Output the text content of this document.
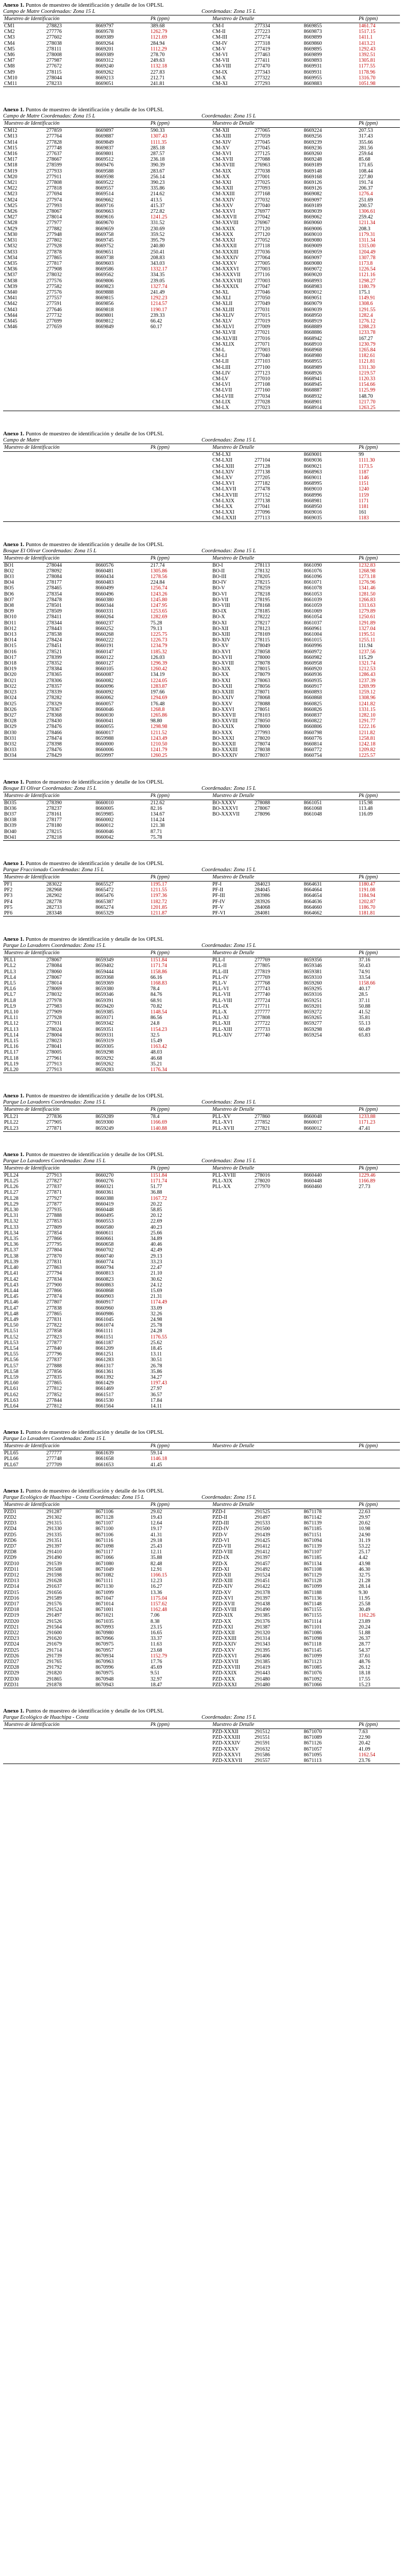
Anexo 1. Puntos de muestreo de identificación y detalle de los OPLSL
Campo de Matre Coordenadas: Zona 15 L	Coordenadas: Zona 15 L
Muestreo de Identificación			Pk (ppm)		Muestreo de Detalle			Pk (ppm)
CM1	278823	8669797	389.68		CM-I	277334	8669855	1461.74
CM2	277776	8669578	1262.79		CM-II	277223	8669873	1517.15
CM3	277602	8669389	1121.69		CM-III	277274	8669899	1411.1
CM4	278038	8669264	284.94		CM-IV	277318	8669860	1413.21
CM5	278111	8669201	1112.29		CM-V	277419	8669895	1292.43
CM6	278008	8669389	278.70		CM-VI	277463	8669899	1392.51
CM7	277987	8669312	249.63		CM-VII	277411	8669893	1305.81
CM8	277672	8669240	1132.18		CM-VIII	277470	8669931	1177.55
CM9	278115	8669262	227.83		CM-IX	277343	8669931	1178.96
CM10	278044	8669213	212.71		CM-X	277322	8669955	1316.70
CM11	278233	8669051	241.81		CM-XI	277293	8669883	1051.98
Anexo 1. Puntos de muestreo de identificación y detalle de los OPLSL
Campo de Matre Coordenadas: Zona 15 L	Coordenadas: Zona 15 L
Muestreo de Identificación			Pk (ppm)		Muestreo de Detalle			Pk (ppm)
CM12	277859	8669897	590.33		CM-XII	277065	8669224	207.53
CM13	277764	8669887	1307.43		CM-XIII	277059	8669256	317.43
CM14	277828	8669849	1111.35		CM-XIV	277045	8669239	355.66
CM15	277748	8669837	285.18		CM-XV	277045	8669236	281.56
CM16	277637	8669801	287.57		CM-XVI	277125	8669260	259.64
CM17	278667	8669512	236.18		CM-XVII	277088	8669248	85.68
CM18	278599	8669476	390.39		CM-XVIII	276963	8669189	171.65
CM19	277933	8669588	283.67		CM-XIX	277038	8669148	108.44
CM20	277911	8669598	256.14		CM-XX	277001	8669168	227.80
CM21	277808	8669522	390.23		CM-XXI	277025	8669126	191.74
CM22	277818	8669557	335.86		CM-XXII	277093	8669126	206.37
CM23	277694	8669514	214.62		CM-XXIII	277168	8669082	1276.4
CM24	277974	8669662	413.5		CM-XXIV	277032	8669097	251.69
CM25	277993	8669716	415.37		CM-XXV	277040	8669189	200.57
CM26	278067	8669663	272.82		CM-XXVI	276977	8669039	1306.61
CM27	278014	8669616	1241.25		CM-XXVII	277042	8669062	259.42
CM28	277977	8669670	331.52		CM-XXVIII	276967	8669060	1211.34
CM29	277882	8669659	230.69		CM-XXIX	277120	8669006	208.3
CM30	277948	8669758	359.52		CM-XXX	277120	8669010	1179.31
CM31	277802	8669745	395.79		CM-XXXI	277052	8669080	1311.34
CM32	277928	8669752	240.80		CM-XXXII	277118	8669009	1315.00
CM33	277878	8669651	250.41		CM-XXXIII	277036	8669059	1204.49
CM34	277865	8669738	208.83		CM-XXXIV	277064	8669097	1307.78
CM35	277817	8669603	343.03		CM-XXXV	277005	8669080	1173.8
CM36	277908	8669586	1332.17		CM-XXXVI	277003	8669072	1226.54
CM37	278032	8669562	334.35		CM-XXXVII	277116	8669020	1121.16
CM38	277576	8669806	239.05		CM-XXXVIII	277003	8668993	1298.27
CM39	277582	8669823	1327.74		CM-XXXIX	277047	8668983	1180.79
CM40	277576	8669888	241.49		CM-XL	277046	8669012	175.1
CM41	277557	8669815	1292.23		CM-XLI	277050	8669051	1149.91
CM42	277591	8669856	1214.57		CM-XLII	277049	8669079	1308.6
CM43	277646	8669818	1190.17		CM-XLIII	277031	8669039	1291.55
CM44	277732	8669801	239.33		CM-XLIV	277015	8668950	1282.4
CM45	277699	8669812	66.42		CM-XLV	277019	8668919	1276.12
CM46	277659	8669849	60.17		CM-XLVI	277009	8668889	1288.23
					CM-XLVII	277021	8668886	1233.78
					CM-XLVIII	277016	8668942	167.27
					CM-XLIX	277071	8668910	1230.79
					CM-L	277003	8668968	1265.84
					CM-LI	277040	8668980	1182.61
					CM-LII	277103	8668955	1121.81
					CM-LIII	277100	8668989	1311.30
					CM-LIV	277123	8668926	1219.57
					CM-LV	277010	8668941	1120.33
					CM-LVI	277108	8668945	1154.66
					CM-LVII	277160	8668887	1125.99
					CM-LVIII	277034	8668932	148.70
					CM-LIX	277028	8668901	1217.70
					CM-LX	277023	8668914	1263.25
Anexo 1. Puntos de muestreo de identificación y detalle de los OPLSL
Campo de Matre	Coordenadas: Zona 15 L
Muestreo de Identificación			Pk (ppm)		Muestreo de Detalle			Pk (ppm)
					CM-LXI		8669001	99
					CM-LXII	277104	8669036	1111.30
					CM-LXIII	277128	8669021	1173.5
					CM-LXIV	277138	8668963	1187
					CM-LXV	277205	8669011	1146
					CM-LXVI	277182	8668995	1151
					CM-LXVII	277478	8669010	1240
					CM-LXVIII	277152	8668996	1159
					CM-LXIX	277138	8668981	1171
					CM-LXX	277041	8668950	1181
					CM-LXXI	277096	8669016	161
					CM-LXXII	277113	8669035	1183
Anexo 1. Puntos de muestreo de identificación y detalle de los OPLSL
Bosque El Olivar Coordenadas: Zona 15 L	Coordenadas: Zona 15 L
Muestreo de Identificación			Pk (ppm)		Muestreo de Detalle			Pk (ppm)
BO1	278044	8660576	217.74		BO-I	278113	8661090	1232.83
BO2	278092	8660481	1305.86		BO-II	278132	8661076	1268.98
BO3	278084	8660434	1278.56		BO-III	278205	8661096	1273.18
BO4	278177	8660483	224.84		BO-IV	278215	8661071	1276.96
BO5	278465	8660499	1256.74		BO-V	278259	8661078	1341.46
BO6	278354	8660496	1243.26		BO-VI	278218	8661053	1281.50
BO7	278478	8660380	1245.80		BO-VII	278195	8661039	1266.83
BO8	278501	8660344	1247.95		BO-VIII	278168	8661059	1313.63
BO9	278509	8660331	1253.65		BO-IX	278185	8661069	1279.89
BO10	278411	8660264	1282.69		BO-X	278222	8661054	1250.61
BO11	278344	8660237	75.28		BO-XI	278217	8661037	1291.89
BO12	278443	8660252	79.13		BO-XII	278123	8660961	1327.04
BO13	278538	8660268	1225.75		BO-XIII	278169	8661004	1195.51
BO14	278424	8660222	1226.73		BO-XIV	278115	8661015	1255.11
BO15	278451	8660191	1234.79		BO-XV	278049	8660996	111.94
BO16	278521	8660147	1185.32		BO-XVI	278058	8660972	1237.56
BO17	278399	8660122	126.03		BO-XVII	278000	8660982	115.29
BO18	278352	8660127	1296.39		BO-XVIII	278078	8660958	1321.74
BO19	278384	8660105	1260.42		BO-XIX	278015	8660920	1212.53
BO20	278365	8660087	134.19		BO-XX	278079	8660936	1286.43
BO21	278306	8660082	1224.05		BO-XXI	278063	8660935	1237.39
BO22	278357	8660096	1283.87		BO-XXII	278056	8660917	1269.99
BO23	278339	8660092	197.66		BO-XXIII	278071	8660893	1259.12
BO24	278282	8660062	1294.69		BO-XXIV	278068	8660868	1308.96
BO25	278329	8660057	176.48		BO-XXV	278088	8660825	1241.82
BO26	278367	8660046	1268.8		BO-XXVI	278051	8660826	1331.15
BO27	278368	8660030	1265.86		BO-XXVII	278103	8660837	1282.10
BO28	278430	8660041	98.80		BO-XXVIII	278050	8660822	1291.77
BO29	278476	8660055	1298.98		BO-XXIX	278000	8660806	1222.16
BO30	278466	8660017	1211.52		BO-XXX	277993	8660798	1211.82
BO31	278474	8659988	1243.49		BO-XXXI	278020	8660776	1258.81
BO32	278398	8660000	1210.50		BO-XXXII	278074	8660814	1242.18
BO33	278476	8660006	1241.79		BO-XXXIII	278038	8660772	1209.82
BO34	278429	8659997	1260.25		BO-XXXIV	278037	8660754	1225.57
Anexo 1. Puntos de muestreo de identificación y detalle de los OPLSL
Bosque El Olivar Coordenadas: Zona 15 L	Coordenadas: Zona 15 L
Muestreo de Identificación			Pk (ppm)		Muestreo de Detalle			Pk (ppm)
BO35	278390	8660010	212.62		BO-XXXV	278088	8661051	115.98
BO36	278237	8660005	82.16		BO-XXXVI	278067	8661068	113.48
BO37	278161	8659985	134.67		BO-XXXVII	278096	8661048	116.09
BO38	278177	8660002	114.24					
BO39	278180	8660012	121.38					
BO40	278215	8660046	87.71					
BO41	278218	8660042	75.78					
Anexo 1. Puntos de muestreo de identificación y detalle de los OPLSL
Parque Fraccionado Coordenadas: Zona 15 L	Coordenadas: Zona 15 L
Muestreo de Identificación			Pk (ppm)		Muestreo de Detalle			Pk (ppm)
PF1	283022	8665527	1195.17		PF-I	284023	8664631	1180.47
PF2	282968	8665472	1211.55		PF-II	284045	8664664	1191.08
PF3	282902	8665476	1197.36		PF-III	283986	8664654	1184.94
PF4	282778	8665387	1182.72		PF-IV	283926	8664636	1202.87
PF5	282733	8665274	1201.85		PF-V	284068	8664660	1186.70
PF6	283348	8665329	1211.87		PF-VI	284081	8664662	1181.81
Anexo 1. Puntos de muestreo de identificación y detalle de los OPLSL
Parque Lo Lavadores Coordenadas: Zona 15 L	Coordenadas: Zona 15 L
Muestreo de Identificación			Pk (ppm)		Muestreo de Detalle			Pk (ppm)
PLL1	278067	8659349	1151.84		PLL-I	277769	8659356	37.16
PLL2	278084	8659402	1171.74		PLL-II	277805	8659346	50.43
PLL3	278060	8659444	1158.86		PLL-III	277819	8659381	74.91
PLL4	278067	8659368	66.16		PLL-IV	277769	8659310	33.54
PLL5	278014	8659369	1168.83		PLL-V	277768	8659260	1158.66
PLL6	278069	8659380	78.4		PLL-VI	277743	8659295	40.17
PLL7	278032	8659346	84.76		PLL-VII	277740	8659316	28.5
PLL8	277978	8659391	68.91		PLL-VIII	277724	8659251	37.11
PLL9	277983	8659420	70.82		PLL-IX	277711	8659201	50.88
PLL10	277909	8659385	1148.54		PLL-X	277777	8659272	41.52
PLL11	277928	8659371	86.56		PLL-XI	277808	8659265	35.81
PLL12	277931	8659342	24.8		PLL-XII	277722	8659277	55.13
PLL13	278024	8659351	1154.23		PLL-XIII	277733	8659298	60.49
PLL14	278004	8659331	32.5		PLL-XIV	277740	8659254	65.83
PLL15	278023	8659319	15.49					
PLL16	278041	8659305	1163.42					
PLL17	278005	8659298	48.03					
PLL18	277961	8659292	46.68					
PLL19	277913	8659262	35.21					
PLL20	277913	8659283	1176.34					
Anexo 1. Puntos de muestreo de identificación y detalle de los OPLSL
Parque Lo Lavadores Coordenadas: Zona 15 L	Coordenadas: Zona 15 L
Muestreo de Identificación			Pk (ppm)		Muestreo de Detalle			Pk (ppm)
PLL21	277836	8659289	78.4		PLL-XV	277860	8660048	1233.88
PLL22	277905	8659300	1166.69		PLL-XVI	277852	8660017	1171.23
PLL23	277871	8659249	1140.88		PLL-XVII	277821	8660012	47.41
Anexo 1. Puntos de muestreo de identificación y detalle de los OPLSL
Parque Lo Lavadores Coordenadas: Zona 15 L	Coordenadas: Zona 15 L
Muestreo de Identificación			Pk (ppm)		Muestreo de Detalle			Pk (ppm)
PLL24	277913	8660270	1151.84		PLL-XVIII	278016	8660440	1229.46
PLL25	277827	8660276	1171.74		PLL-XIX	278020	8660448	1166.89
PLL26	277837	8660321	51.77		PLL-XX	277970	8660460	27.73
PLL27	277871	8660361	36.88					
PLL28	277927	8660388	1167.72					
PLL29	277877	8660419	20.22					
PLL30	277935	8660448	58.85					
PLL31	277888	8660495	20.12					
PLL32	277853	8660553	22.69					
PLL33	277809	8660580	40.23					
PLL34	277854	8660611	25.66					
PLL35	277866	8660661	34.89					
PLL36	277795	8660658	40.46					
PLL37	277804	8660702	42.49					
PLL38	277870	8660740	29.13					
PLL39	277831	8660774	33.23					
PLL40	277863	8660794	22.47					
PLL41	277794	8660813	21.10					
PLL42	277834	8660823	30.62					
PLL43	277900	8660863	24.12					
PLL44	277866	8660868	15.69					
PLL45	277874	8660903	21.31					
PLL46	277807	8660917	1174.49					
PLL47	277838	8660960	33.09					
PLL48	277865	8660986	32.26					
PLL49	277831	8661045	24.98					
PLL50	277822	8661074	25.78					
PLL51	277858	8661111	24.28					
PLL52	277823	8661151	1176.55					
PLL53	277877	8661187	25.62					
PLL54	277840	8661209	18.45					
PLL55	277796	8661251	13.11					
PLL56	277837	8661283	30.51					
PLL57	277888	8661317	26.78					
PLL58	277856	8661361	35.86					
PLL59	277835	8661392	34.27					
PLL60	277865	8661429	1197.43					
PLL61	277812	8661469	27.97					
PLL62	277852	8661517	36.57					
PLL63	277844	8661530	17.84					
PLL64	277812	8661564	14.11					
Anexo 1. Puntos de muestreo de identificación y detalle de los OPLSL
Parque Lo Lavadores Coordenadas: Zona 15 L
Muestreo de Identificación			Pk (ppm)		Muestreo de Detalle			Pk (ppm)
PLL65	277777	8661639	59.14					
PLL66	277748	8661658	1146.18					
PLL67	277709	8661653	41.45					
Anexo 1. Puntos de muestreo de identificación y detalle de los OPLSL
Parque Ecológico de Huachipa - Costa Coordenadas: Zona 15 L	Coordenadas: Zona 15 L
Muestreo de Identificación			Pk (ppm)		Muestreo de Detalle			Pk (ppm)
PZD1	291287	8671106	29.02		PZD-I	291525	8671178	22.63
PZD2	291302	8671128	19.43		PZD-II	291497	8671142	29.97
PZD3	291315	8671107	12.64		PZD-III	291533	8671139	20.62
PZD4	291330	8671100	19.17		PZD-IV	291500	8671185	10.98
PZD5	291335	8671106	41.31		PZD-V	291439	8671151	24.90
PZD6	291351	8671116	29.18		PZD-VI	291425	8671094	31.19
PZD7	291397	8671098	25.43		PZD-VII	291412	8671139	53.22
PZD8	291410	8671117	12.11		PZD-VIII	291412	8671107	25.17
PZD9	291490	8671066	35.88		PZD-IX	291397	8671185	4.42
PZD10	291539	8671080	82.48		PZD-X	291457	8671134	43.98
PZD11	291508	8671049	12.91		PZD-XI	291492	8671108	46.30
PZD12	291598	8671082	1166.15		PZD-XII	291524	8671129	32.75
PZD13	291628	8671111	12.23		PZD-XIII	291451	8671128	21.28
PZD14	291637	8671130	16.27		PZD-XIV	291422	8671099	28.14
PZD15	291656	8671099	13.36		PZD-XV	291378	8671188	9.30
PZD16	291589	8671047	1175.04		PZD-XVI	291397	8671136	11.95
PZD17	291576	8671014	1157.62		PZD-XVII	291438	8671148	25.58
PZD18	291524	8671001	1162.48		PZD-XVIII	291490	8671155	30.49
PZD19	291497	8671021	7.06		PZD-XIX	291385	8671155	1162.26
PZD20	291526	8671035	8.38		PZD-XX	291376	8671114	23.89
PZD21	291564	8670993	23.15		PZD-XXI	291387	8671101	20.24
PZD22	291600	8670980	16.65		PZD-XXII	291320	8671086	51.88
PZD23	291620	8670966	33.37		PZD-XXIII	291314	8671098	26.37
PZD24	291679	8670975	11.63		PZD-XXIV	291343	8671118	28.77
PZD25	291714	8670957	23.68		PZD-XXV	291395	8671145	54.37
PZD26	291739	8670934	1152.79		PZD-XXVI	291406	8671099	37.61
PZD27	291765	8670963	17.76		PZD-XXVII	291385	8671123	48.76
PZD28	291792	8670996	45.69		PZD-XXVIII	291419	8671085	26.12
PZD29	291820	8670975	9.51		PZD-XXIX	291443	8671076	18.18
PZD30	291865	8670948	32.97		PZD-XXX	291480	8671092	17.55
PZD31	291878	8670943	18.47		PZD-XXXI	291480	8671066	15.23
Anexo 1. Puntos de muestreo de identificación y detalle de los OPLSL
Parque Ecológico de Huachipa - Costa	Coordenadas: Zona 15 L
Muestreo de Identificación			Pk (ppm)		Muestreo de Detalle			Pk (ppm)
					PZD-XXXII	291512	8671070	7.63
					PZD-XXXIII	291551	8671089	22.90
					PZD-XXXIV	291591	8671126	20.42
					PZD-XXXV	291632	8671057	41.09
					PZD-XXXVI	291586	8671095	1162.54
					PZD-XXXVII	291557	8671113	23.76
